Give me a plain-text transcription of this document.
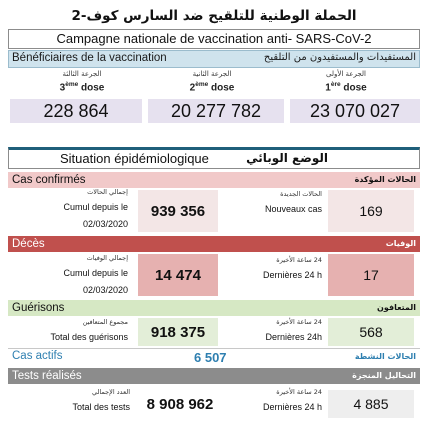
الحملة الوطنية للتلقيح ضد السارس كوف-2
Campagne nationale de vaccination anti- SARS-CoV-2
Bénéficiaires de la vaccination	المستفيدات والمستفيدون من التلقيح
الجرعة الثالثة
3ème dose
الجرعة الثانية
2ème dose
الجرعة الأولى
1ère dose
228 864	20 277 782	23 070 027
Situation épidémiologique	الوضع الوبائي
Cas confirmés	الحالات المؤكدة
إجمالي الحالات
Cumul depuis le
02/03/2020
939 356
الحالات الجديدة
Nouveaux cas	169
Décès	الوفيات
إجمالي الوفيات
Cumul depuis le
02/03/2020
14 474
24 ساعة الأخيرة
Dernières 24 h	17
Guérisons	المتعافون
مجموع المتعافين
Total des guérisons	918 375
24 ساعة الأخيرة
Dernières 24h	568
Cas actifs	6 507	الحالات النشطة
Tests réalisés	التحاليل المنجزة
العدد الإجمالي
Total des tests	8 908 962
24 ساعة الأخيرة
Dernières 24 h	4 885
